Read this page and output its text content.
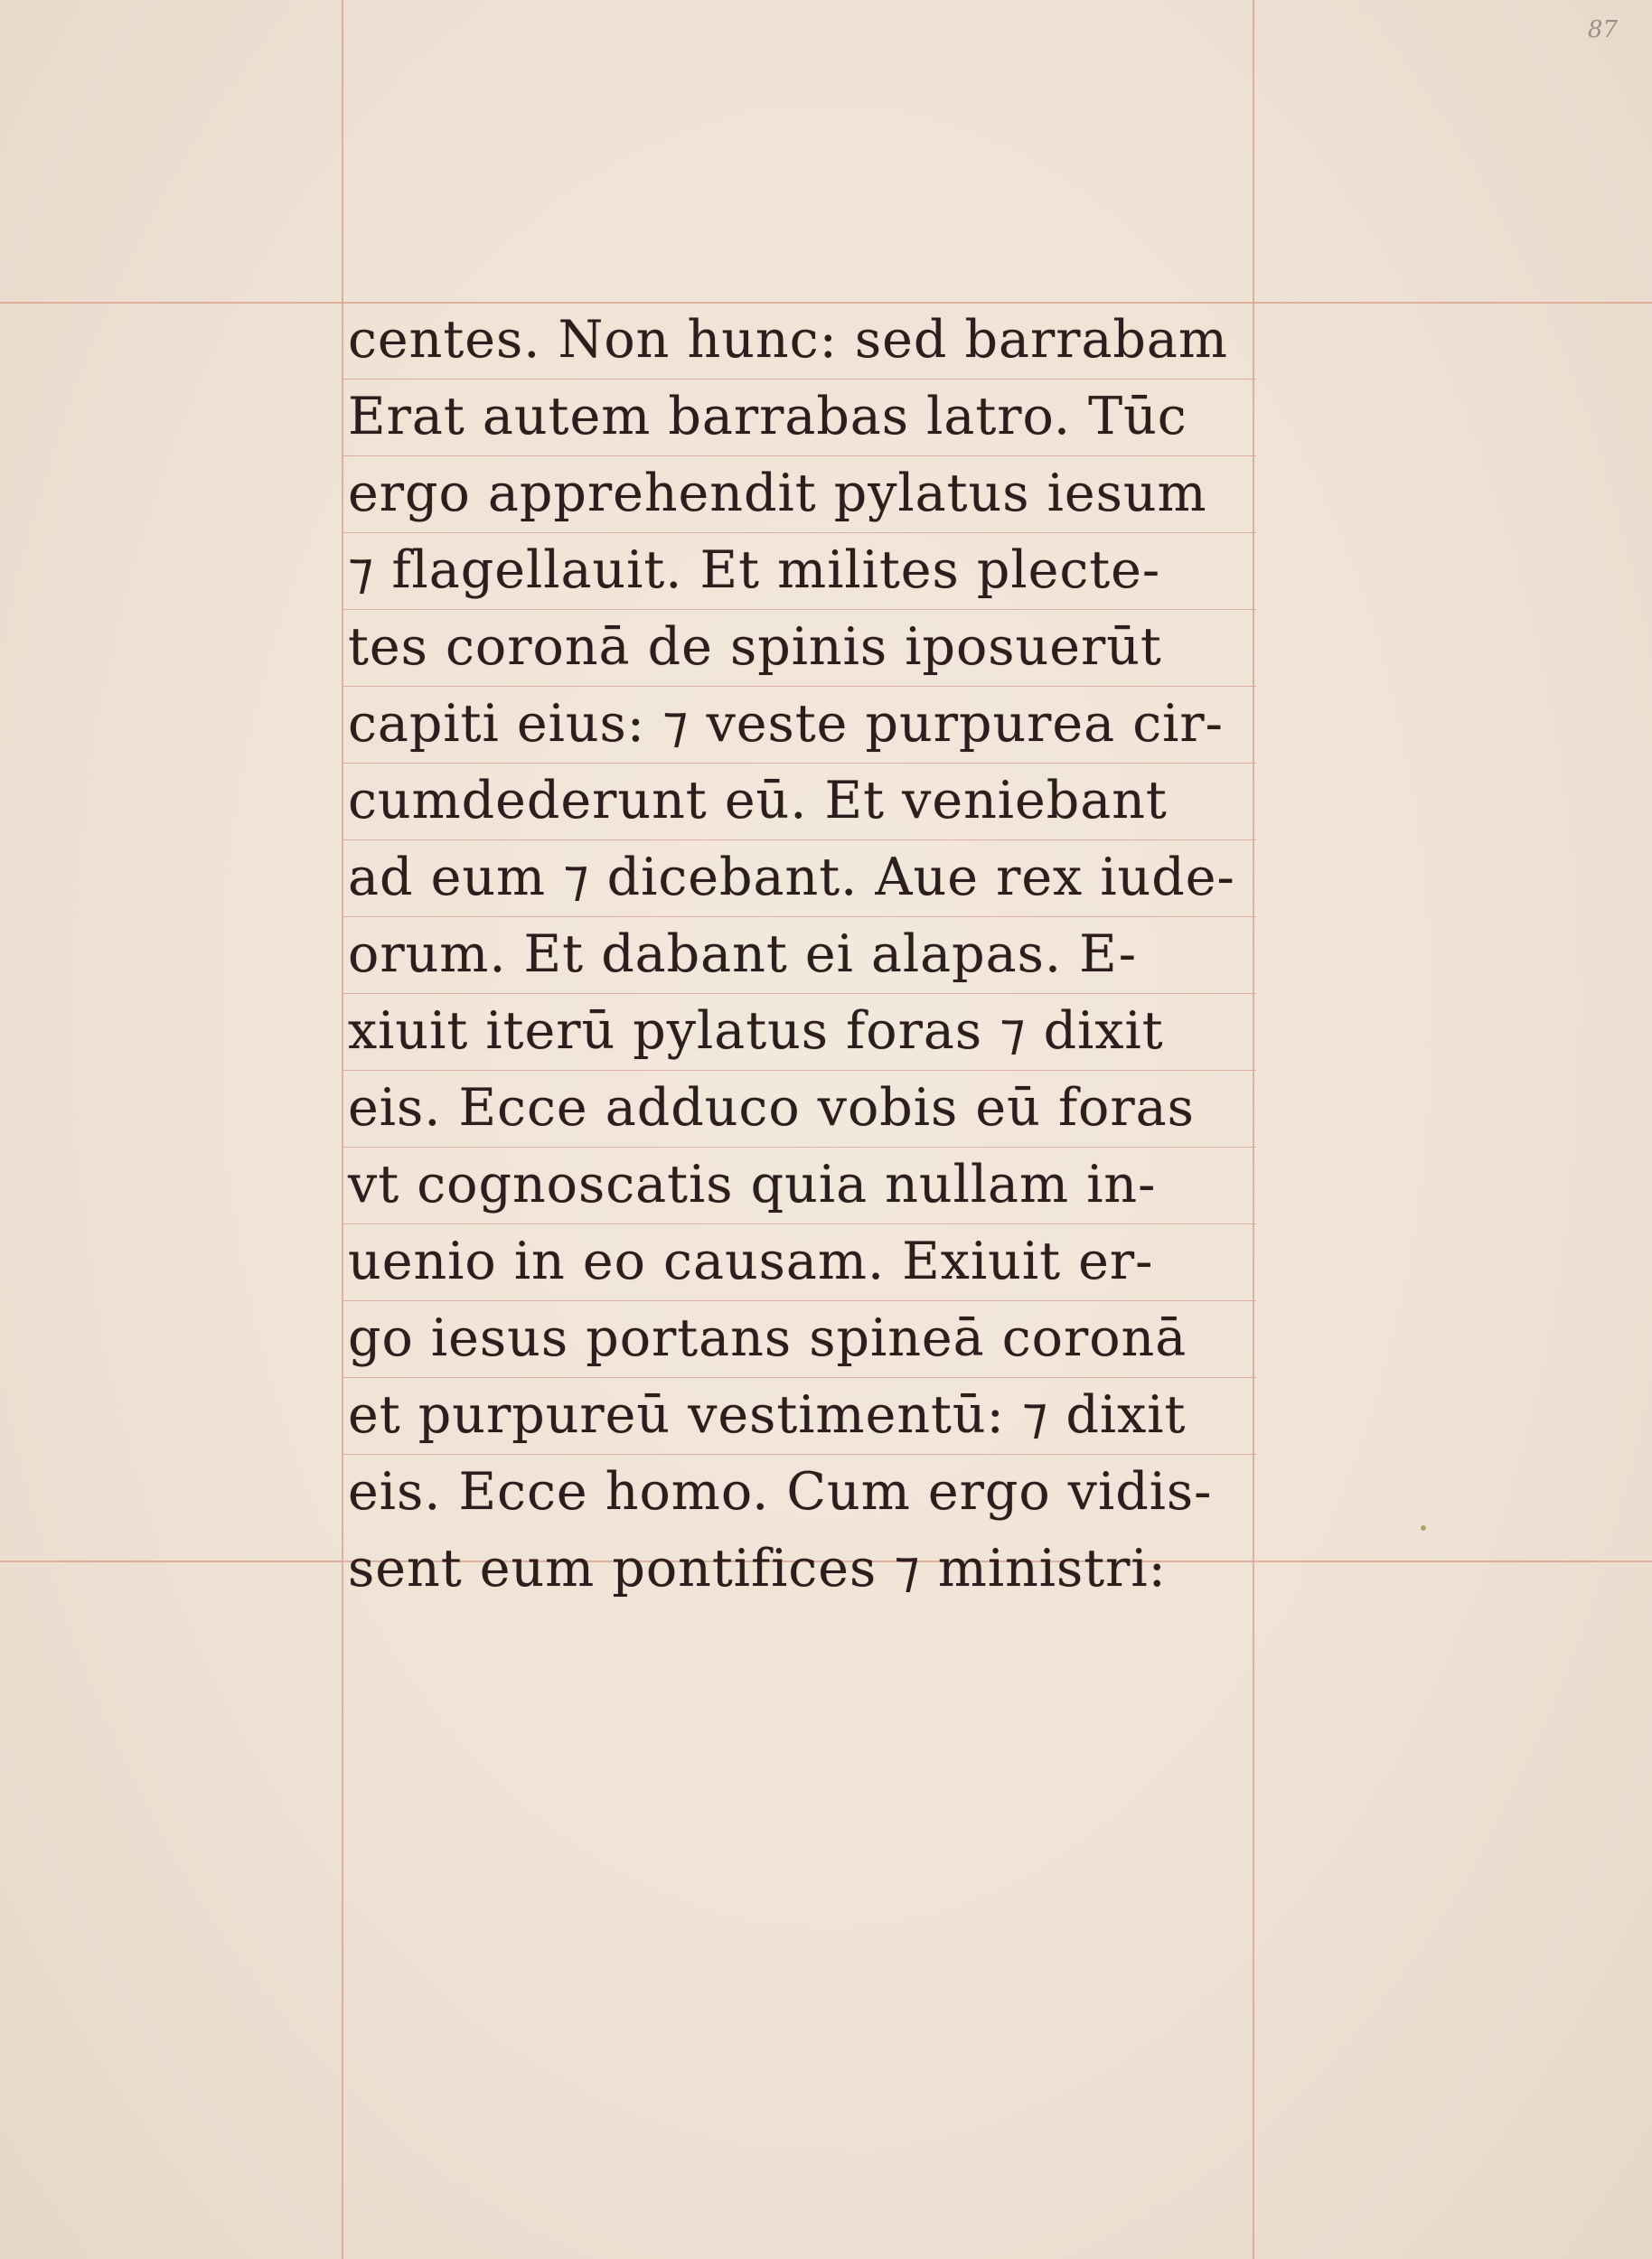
87
centes. Non hunc: sed barrabam
Erat autem barrabas latro. Tūc
ergo apprehendit pylatus iesum
⁊ flagellauit. Et milites plecte-
tes coronā de spinis iposuerūt
capiti eius: ⁊ veste purpurea cir-
cumdederunt eū. Et veniebant
ad eum ⁊ dicebant. Aue rex iude-
orum. Et dabant ei alapas. E-
xiuit iterū pylatus foras ⁊ dixit
eis. Ecce adduco vobis eū foras
vt cognoscatis quia nullam in-
uenio in eo causam. Exiuit er-
go iesus portans spineā coronā
et purpureū vestimentū: ⁊ dixit
eis. Ecce homo. Cum ergo vidis-
sent eum pontifices ⁊ ministri:
